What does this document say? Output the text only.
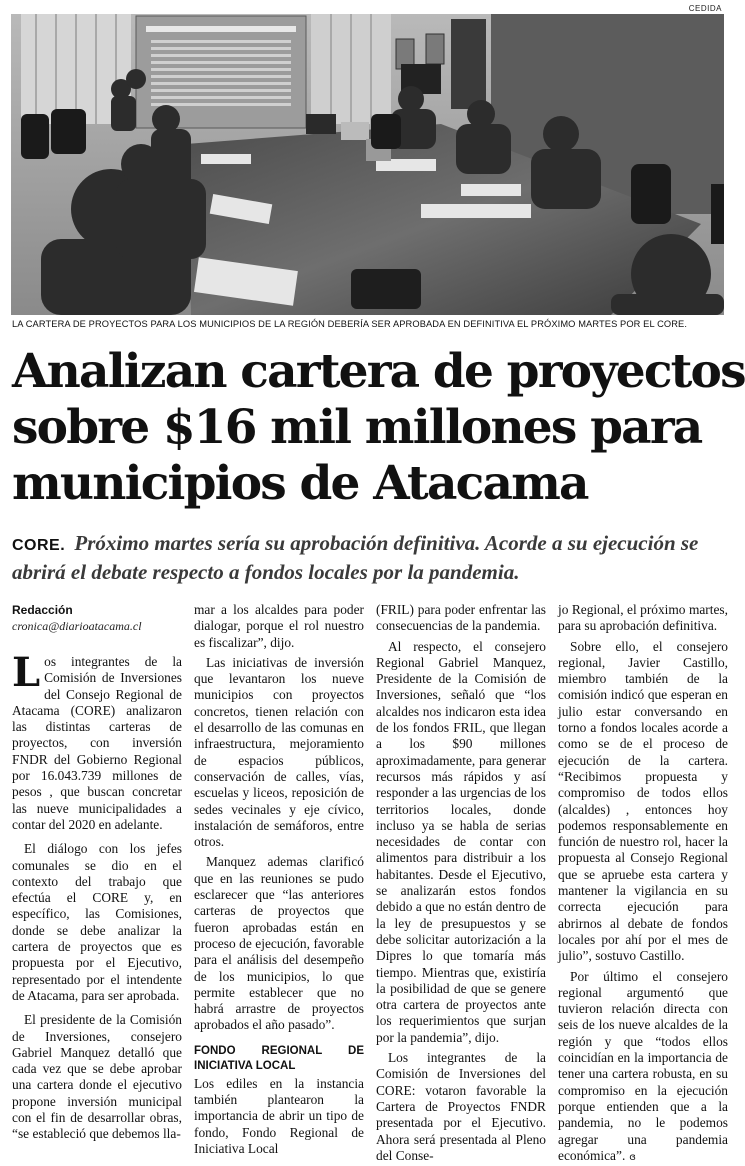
CEDIDA
LA CARTERA DE PROYECTOS PARA LOS MUNICIPIOS DE LA REGIÓN DEBERÍA SER APROBADA EN DEFINITIVA EL PRÓXIMO MARTES POR EL CORE.
Analizan cartera de proyectos
sobre $16 mil millones para
municipios de Atacama
CORE. Próximo martes sería su aprobación definitiva. Acorde a su ejecución se abrirá el debate respecto a fondos locales por la pandemia.
Redacción
cronica@diarioatacama.cl

Los integrantes de la Comisión de Inversiones del Consejo Regional de Atacama (CORE) analizaron las distintas carteras de proyectos, con inversión FNDR del Gobierno Regional por 16.043.739 millones de pesos , que buscan concretar las nueve municipalidades a contar del 2020 en adelante.

El diálogo con los jefes comunales se dio en el contexto del trabajo que efectúa el CORE y, en específico, las Comisiones, donde se debe analizar la cartera de proyectos que es propuesta por el Ejecutivo, representado por el intendente de Atacama, para ser aprobada.

El presidente de la Comisión de Inversiones, consejero Gabriel Manquez detalló que cada vez que se debe aprobar una cartera donde el ejecutivo propone inversión municipal con el fin de desarrollar obras, “se estableció que debemos lla-

mar a los alcaldes para poder dialogar, porque el rol nuestro es fiscalizar”, dijo.

Las iniciativas de inversión que levantaron los nueve municipios con proyectos concretos, tienen relación con el desarrollo de las comunas en infraestructura, mejoramiento de espacios públicos, conservación de calles, vías, escuelas y liceos, reposición de sedes vecinales y eje cívico, instalación de semáforos, entre otros.

Manquez ademas clarificó que en las reuniones se pudo esclarecer que “las anteriores carteras de proyectos que fueron aprobadas están en proceso de ejecución, favorable para el análisis del desempeño de los municipios, lo que permite establecer que no habrá arrastre de proyectos aprobados el año pasado”.

FONDO REGIONAL DE INICIATIVA LOCAL

Los ediles en la instancia también plantearon la importancia de abrir un tipo de fondo, Fondo Regional de Iniciativa Local

(FRIL) para poder enfrentar las consecuencias de la pandemia.

Al respecto, el consejero Regional Gabriel Manquez, Presidente de la Comisión de Inversiones, señaló que “los alcaldes nos indicaron esta idea de los fondos FRIL, que llegan a los $90 millones aproximadamente, para generar recursos más rápidos y así responder a las urgencias de los territorios locales, donde incluso ya se habla de serias necesidades de contar con alimentos para distribuir a los habitantes. Desde el Ejecutivo, se analizarán estos fondos debido a que no están dentro de la ley de presupuestos y se debe solicitar autorización a la Dipres lo que tomaría más tiempo. Mientras que, existiría la posibilidad de que se genere otra cartera de proyectos ante los requerimientos que surjan por la pandemia”, dijo.

Los integrantes de la Comisión de Inversiones del CORE: votaron favorable la Cartera de Proyectos FNDR presentada por el Ejecutivo. Ahora será presentada al Pleno del Conse-

jo Regional, el próximo martes, para su aprobación definitiva.

Sobre ello, el consejero regional, Javier Castillo, miembro también de la comisión indicó que esperan en julio estar conversando en torno a fondos locales acorde a como se de el proceso de ejecución de la cartera. “Recibimos propuesta y compromiso de todos ellos (alcaldes) , entonces hoy podemos responsablemente en función de nuestro rol, hacer la propuesta al Consejo Regional que se apruebe esta cartera y mantener la vigilancia en su correcta ejecución para abrirnos al debate de fondos locales por ahí por el mes de julio”, sostuvo Castillo.

Por último el consejero regional argumentó que tuvieron relación directa con seis de los nueve alcaldes de la región y que “todos ellos coincidían en la importancia de tener una cartera robusta, en su compromiso en la ejecución porque entienden que a la pandemia, no le podemos agregar una pandemia económica”. ɞ
